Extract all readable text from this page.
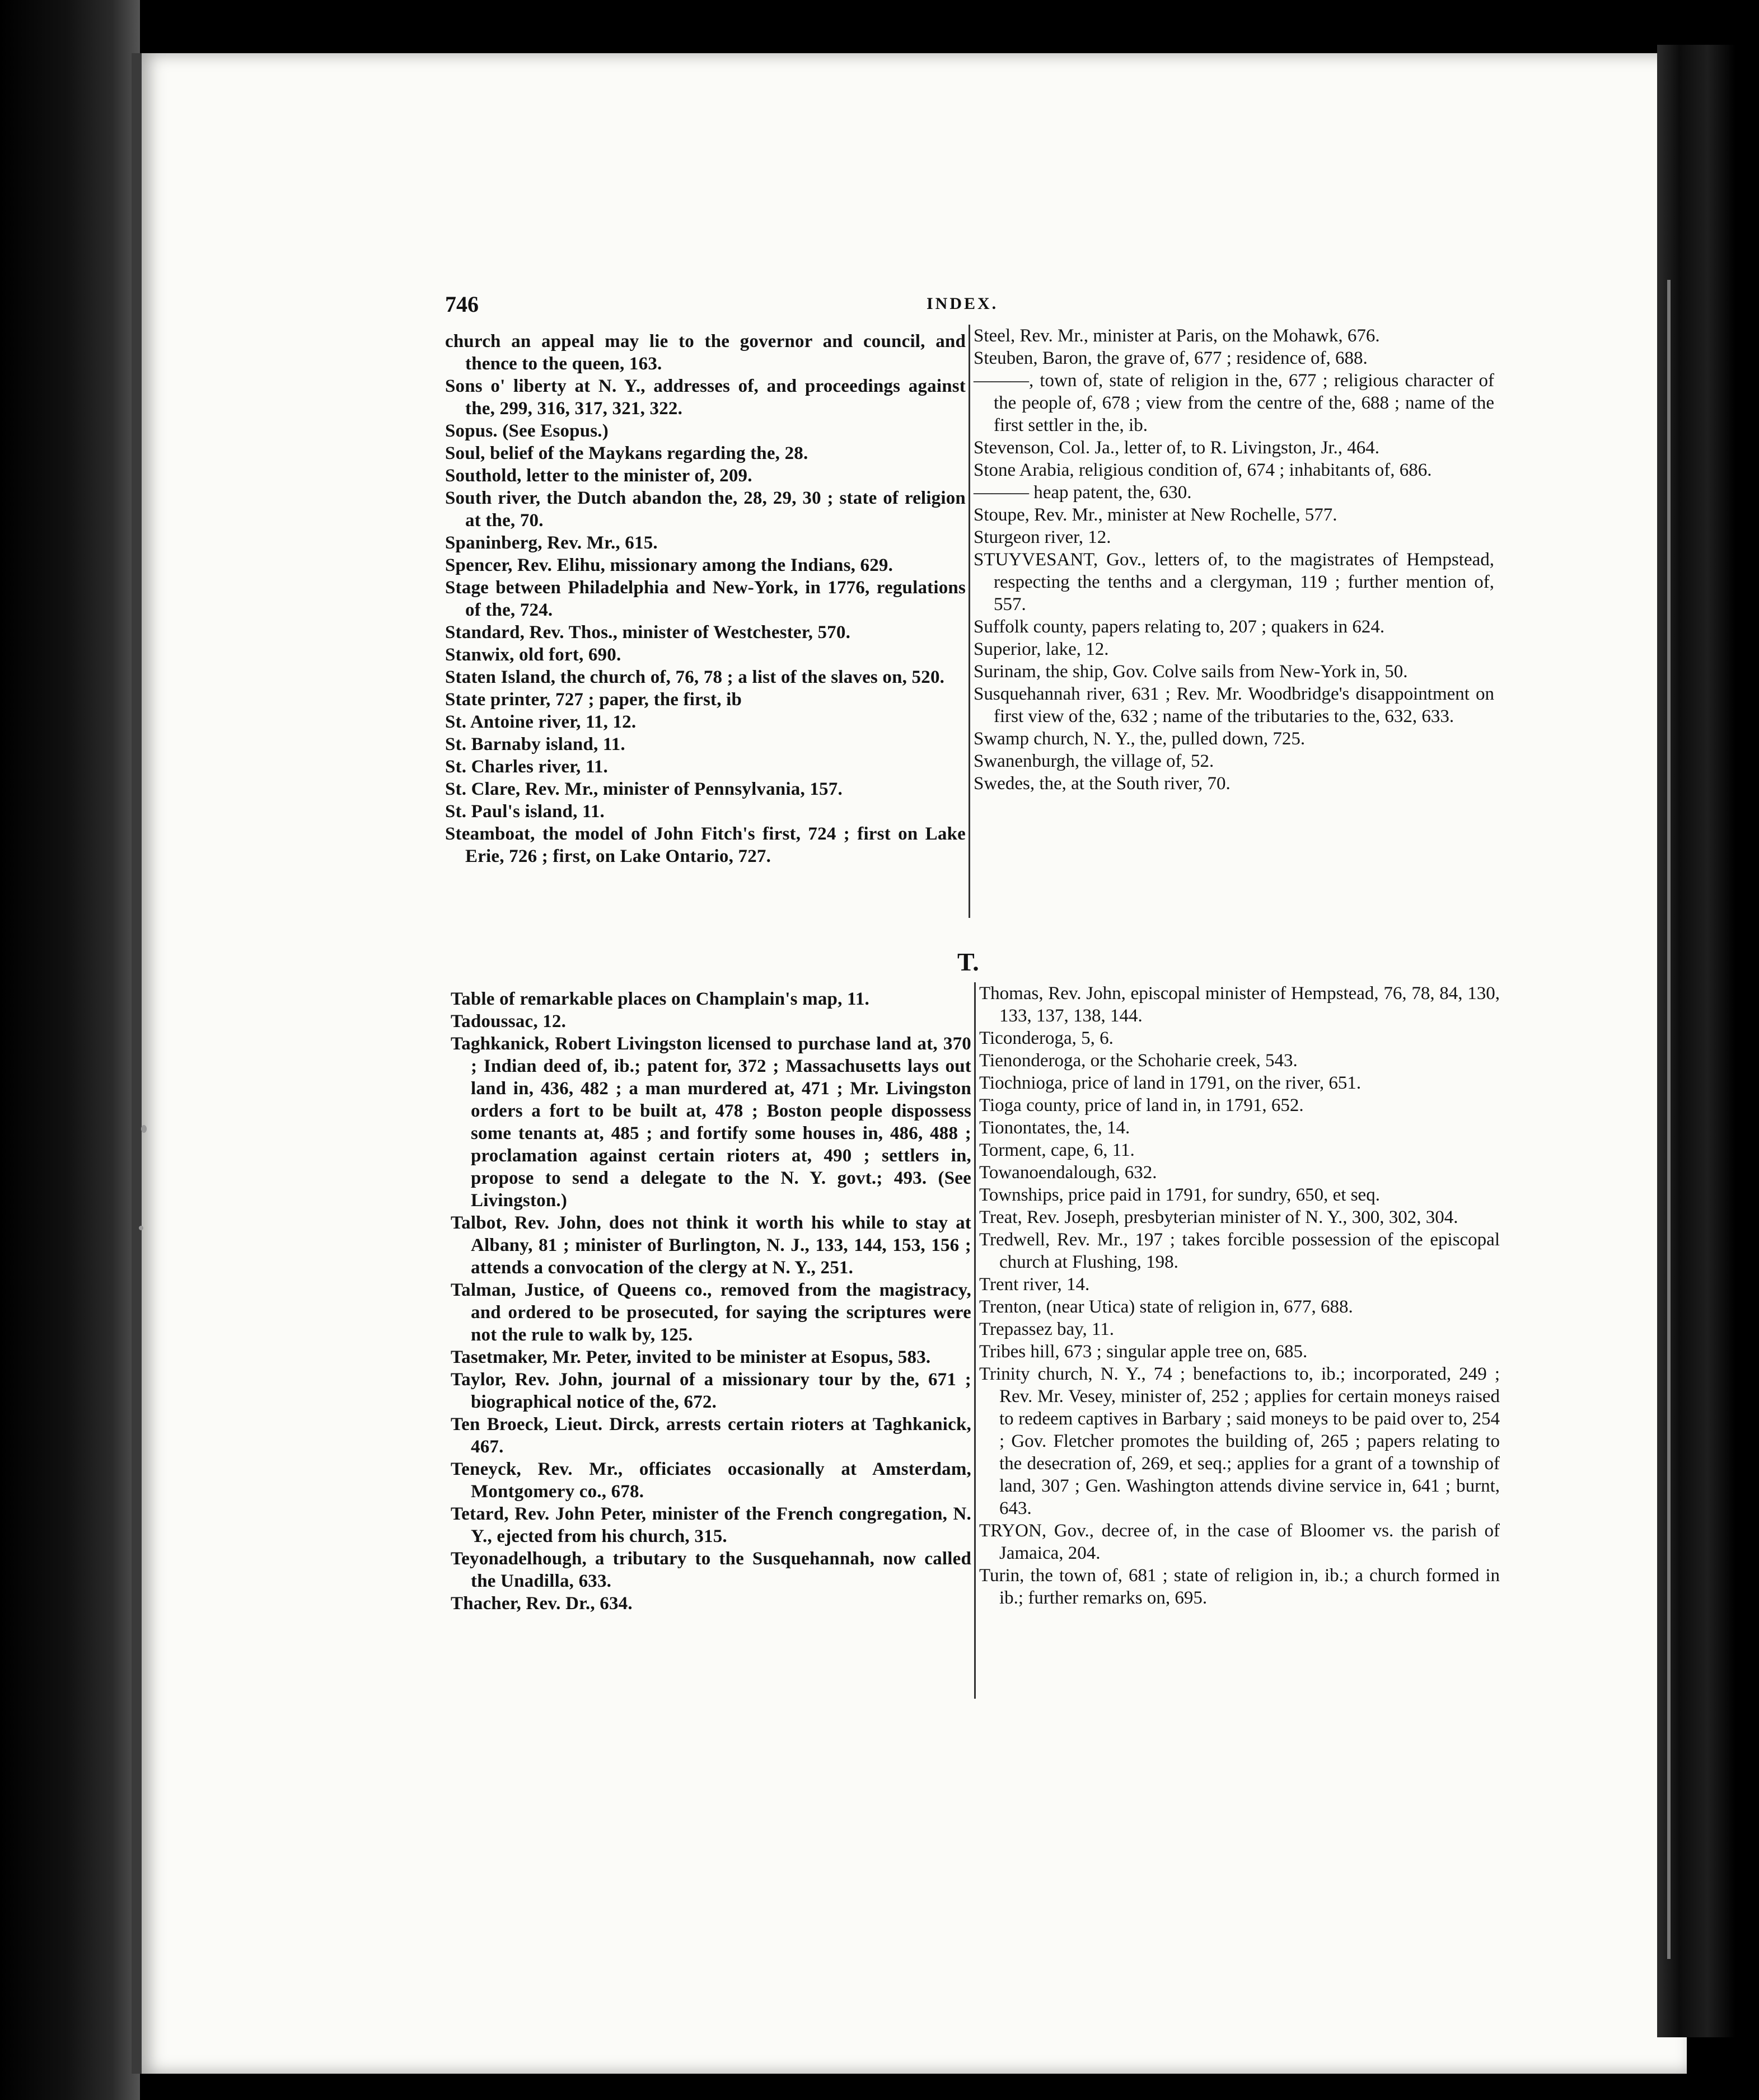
746	INDEX.

church an appeal may lie to the governor and council, and thence to the queen, 163.

Sons o' liberty at N. Y., addresses of, and proceedings against the, 299, 316, 317, 321, 322.

Sopus. (See Esopus.)

Soul, belief of the Maykans regarding the, 28.

Southold, letter to the minister of, 209.

South river, the Dutch abandon the, 28, 29, 30 ; state of religion at the, 70.

Spaninberg, Rev. Mr., 615.

Spencer, Rev. Elihu, missionary among the Indians, 629.

Stage between Philadelphia and New-York, in 1776, regulations of the, 724.

Standard, Rev. Thos., minister of Westchester, 570.

Stanwix, old fort, 690.

Staten Island, the church of, 76, 78 ; a list of the slaves on, 520.

State printer, 727 ; paper, the first, ib

St. Antoine river, 11, 12.

St. Barnaby island, 11.

St. Charles river, 11.

St. Clare, Rev. Mr., minister of Pennsylvania, 157.

St. Paul's island, 11.

Steamboat, the model of John Fitch's first, 724 ; first on Lake Erie, 726 ; first, on Lake Ontario, 727.

Steel, Rev. Mr., minister at Paris, on the Mohawk, 676.

Steuben, Baron, the grave of, 677 ; residence of, 688.

———, town of, state of religion in the, 677 ; religious character of the people of, 678 ; view from the centre of the, 688 ; name of the first settler in the, ib.

Stevenson, Col. Ja., letter of, to R. Livingston, Jr., 464.

Stone Arabia, religious condition of, 674 ; inhabitants of, 686.

——— heap patent, the, 630.

Stoupe, Rev. Mr., minister at New Rochelle, 577.

Sturgeon river, 12.

STUYVESANT, Gov., letters of, to the magistrates of Hempstead, respecting the tenths and a clergyman, 119 ; further mention of, 557.

Suffolk county, papers relating to, 207 ; quakers in 624.

Superior, lake, 12.

Surinam, the ship, Gov. Colve sails from New-York in, 50.

Susquehannah river, 631 ; Rev. Mr. Woodbridge's disappointment on first view of the, 632 ; name of the tributaries to the, 632, 633.

Swamp church, N. Y., the, pulled down, 725.

Swanenburgh, the village of, 52.

Swedes, the, at the South river, 70.

T.

Table of remarkable places on Champlain's map, 11.

Tadoussac, 12.

Taghkanick, Robert Livingston licensed to purchase land at, 370 ; Indian deed of, ib.; patent for, 372 ; Massachusetts lays out land in, 436, 482 ; a man murdered at, 471 ; Mr. Livingston orders a fort to be built at, 478 ; Boston people dispossess some tenants at, 485 ; and fortify some houses in, 486, 488 ; proclamation against certain rioters at, 490 ; settlers in, propose to send a delegate to the N. Y. govt.; 493. (See Livingston.)

Talbot, Rev. John, does not think it worth his while to stay at Albany, 81 ; minister of Burlington, N. J., 133, 144, 153, 156 ; attends a convocation of the clergy at N. Y., 251.

Talman, Justice, of Queens co., removed from the magistracy, and ordered to be prosecuted, for saying the scriptures were not the rule to walk by, 125.

Tasetmaker, Mr. Peter, invited to be minister at Esopus, 583.

Taylor, Rev. John, journal of a missionary tour by the, 671 ; biographical notice of the, 672.

Ten Broeck, Lieut. Dirck, arrests certain rioters at Taghkanick, 467.

Teneyck, Rev. Mr., officiates occasionally at Amsterdam, Montgomery co., 678.

Tetard, Rev. John Peter, minister of the French congregation, N. Y., ejected from his church, 315.

Teyonadelhough, a tributary to the Susquehannah, now called the Unadilla, 633.

Thacher, Rev. Dr., 634.

Thomas, Rev. John, episcopal minister of Hempstead, 76, 78, 84, 130, 133, 137, 138, 144.

Ticonderoga, 5, 6.

Tienonderoga, or the Schoharie creek, 543.

Tiochniogа, price of land in 1791, on the river, 651.

Tioga county, price of land in, in 1791, 652.

Tionontates, the, 14.

Torment, cape, 6, 11.

Towanoendalough, 632.

Townships, price paid in 1791, for sundry, 650, et seq.

Treat, Rev. Joseph, presbyterian minister of N. Y., 300, 302, 304.

Tredwell, Rev. Mr., 197 ; takes forcible possession of the episcopal church at Flushing, 198.

Trent river, 14.

Trenton, (near Utica) state of religion in, 677, 688.

Trepassez bay, 11.

Tribes hill, 673 ; singular apple tree on, 685.

Trinity church, N. Y., 74 ; benefactions to, ib.; incorporated, 249 ; Rev. Mr. Vesey, minister of, 252 ; applies for certain moneys raised to redeem captives in Barbary ; said moneys to be paid over to, 254 ; Gov. Fletcher promotes the building of, 265 ; papers relating to the desecration of, 269, et seq.; applies for a grant of a township of land, 307 ; Gen. Washington attends divine service in, 641 ; burnt, 643.

TRYON, Gov., decree of, in the case of Bloomer vs. the parish of Jamaica, 204.

Turin, the town of, 681 ; state of religion in, ib.; a church formed in ib.; further remarks on, 695.
